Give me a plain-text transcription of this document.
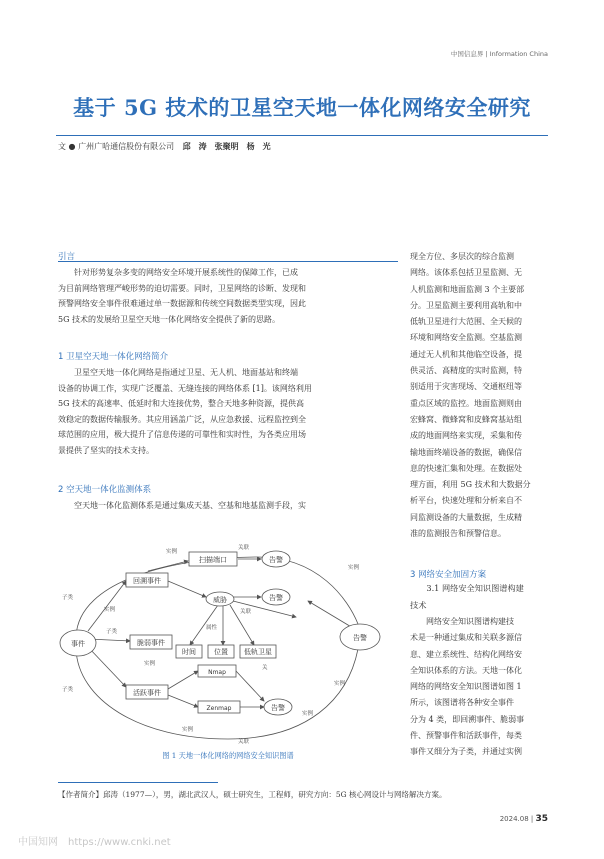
中国信息界 | Information China
基于 5G 技术的卫星空天地一体化网络安全研究
文 ● 广州广哈通信股份有限公司 邱　涛　张聚明　杨　光
引言
　　针对形势复杂多变的网络安全环境开展系统性的保障工作，已成
为目前网络管理严峻形势的迫切需要。同时，卫星网络的诊断、发现和
预警网络安全事件很难通过单一数据源和传统空间数据类型实现，因此
5G 技术的发展给卫星空天地一体化网络安全提供了新的思路。
1 卫星空天地一体化网络简介
　　卫星空天地一体化网络是指通过卫星、无人机、地面基站和终端
设备的协调工作，实现广泛覆盖、无缝连接的网络体系 [1]。该网络利用
5G 技术的高速率、低延时和大连接优势，整合天地多种资源，提供高
效稳定的数据传输服务。其应用涵盖广泛，从应急救援、远程监控到全
球范围的应用，极大提升了信息传递的可靠性和实时性，为各类应用场
景提供了坚实的技术支持。
2 空天地一体化监测体系
　　空天地一体化监测体系是通过集成天基、空基和地基监测手段，实
现全方位、多层次的综合监测
网络。该体系包括卫星监测、无
人机监测和地面监测 3 个主要部
分。卫星监测主要利用高轨和中
低轨卫星进行大范围、全天候的
环境和网络安全监测。空基监测
通过无人机和其他临空设备，提
供灵活、高精度的实时监测，特
别适用于灾害现场、交通枢纽等
重点区域的监控。地面监测则由
宏蜂窝、微蜂窝和皮蜂窝基站组
成的地面网络来实现，采集和传
输地面终端设备的数据，确保信
息的快速汇集和处理。在数据处
理方面，利用 5G 技术和大数据分
析平台，快速处理和分析来自不
同监测设备的大量数据，生成精
准的监测报告和预警信息。
3 网络安全加固方案
　　3.1 网络安全知识图谱构建
技术
　　网络安全知识图谱构建技
术是一种通过集成和关联多源信
息、建立系统性、结构化网络安
全知识体系的方法。天地一体化
网络的网络安全知识图谱如图 1
所示，该图谱将各种安全事件
分为 4 类，即回溯事件、脆弱事
件、预警事件和活跃事件，每类
事件又细分为子类，并通过实例
事件
告警
扫描端口	告警
回溯事件
威胁	告警
脆弱事件
时间	位置 低轨卫星
活跃事件
Nmap
Zenmap	告警
实例
关联
实例
子类
实例
子类
关联
属性
实例
实例
子类
关
实例
关联
实例
图 1 天地一体化网络的网络安全知识图谱
【作者简介】邱涛（1977—），男，湖北武汉人，硕士研究生，工程师，研究方向：5G 核心网设计与网络解决方案。
2024.08 | 35
中国知网　https://www.cnki.net
